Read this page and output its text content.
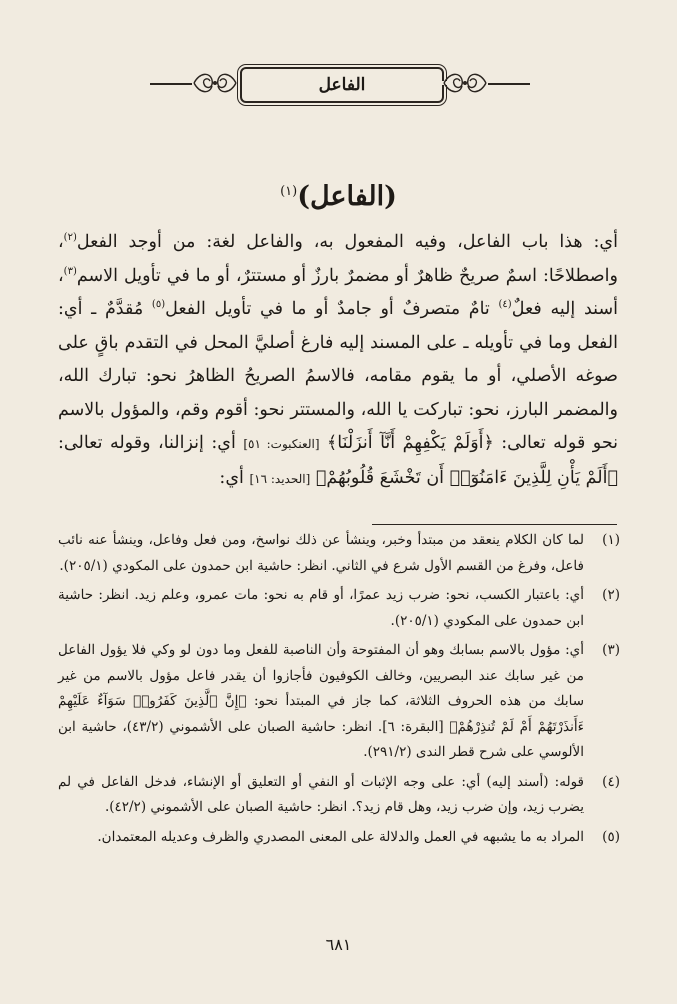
الفاعل
(الفاعل)$^{(١)}$

أي: هذا باب الفاعل، وفيه المفعول به، والفاعل لغة: من أوجد الفعل$^{(٢)}$، واصطلاحًا: اسمٌ صريحٌ ظاهرٌ أو مضمرٌ بارزٌ أو مستترٌ، أو ما في تأويل الاسم$^{(٣)}$، أسند إليه فعلٌ$^{(٤)}$ تامٌ متصرفٌ أو جامدٌ أو ما في تأويل الفعل$^{(٥)}$ مُقدَّمٌ ـ أي: الفعل وما في تأويله ـ على المسند إليه فارغ أصليَّ المحل في التقدم باقٍ على صوغه الأصلي، أو ما يقوم مقامه، فالاسمُ الصريحُ الظاهرُ نحو: تبارك الله، والمضمر البارز، نحو: تباركت يا الله، والمستتر نحو: أقوم وقم، والمؤول بالاسم نحو قوله تعالى: ﴿أَوَلَمْ يَكْفِهِمْ أَنَّآ أَنزَلْنَا﴾ [العنكبوت: ٥١] أي: إنزالنا، وقوله تعالى: ﴿أَلَمْ يَأْنِ لِلَّذِينَ ءَامَنُوٓا۟ أَن تَخْشَعَ قُلُوبُهُمْ﴾ [الحديد: ١٦] أي:

(١)
لما كان الكلام ينعقد من مبتدأ وخبر، وينشأ عن ذلك نواسخ، ومن فعل وفاعل، وينشأ عنه نائب فاعل، وفرغ من القسم الأول شرع في الثاني. انظر: حاشية ابن حمدون على المكودي (٢٠٥/١).
(٢)
أي: باعتبار الكسب، نحو: ضرب زيد عمرًا، أو قام به نحو: مات عمرو، وعلم زيد. انظر: حاشية ابن حمدون على المكودي (٢٠٥/١).
(٣)
أي: مؤول بالاسم بسابك وهو أن المفتوحة وأن الناصبة للفعل وما دون لو وكي فلا يؤول الفاعل من غير سابك عند البصريين، وخالف الكوفيون فأجازوا أن يقدر فاعل مؤول بالاسم من غير سابك من هذه الحروف الثلاثة، كما جاز في المبتدأ نحو: ﴿إِنَّ ٱلَّذِينَ كَفَرُوا۟ سَوَآءٌ عَلَيْهِمْ ءَأَنذَرْتَهُمْ أَمْ لَمْ تُنذِرْهُمْ﴾ [البقرة: ٦]. انظر: حاشية الصبان على الأشموني (٤٣/٢)، حاشية ابن الألوسي على شرح قطر الندى (٢٩١/٢).
(٤)
قوله: (أسند إليه) أي: على وجه الإثبات أو النفي أو التعليق أو الإنشاء، فدخل الفاعل في لم يضرب زيد، وإن ضرب زيد، وهل قام زيد؟. انظر: حاشية الصبان على الأشموني (٤٢/٢).
(٥)
المراد به ما يشبهه في العمل والدلالة على المعنى المصدري والظرف وعديله المعتمدان.
٦٨١
